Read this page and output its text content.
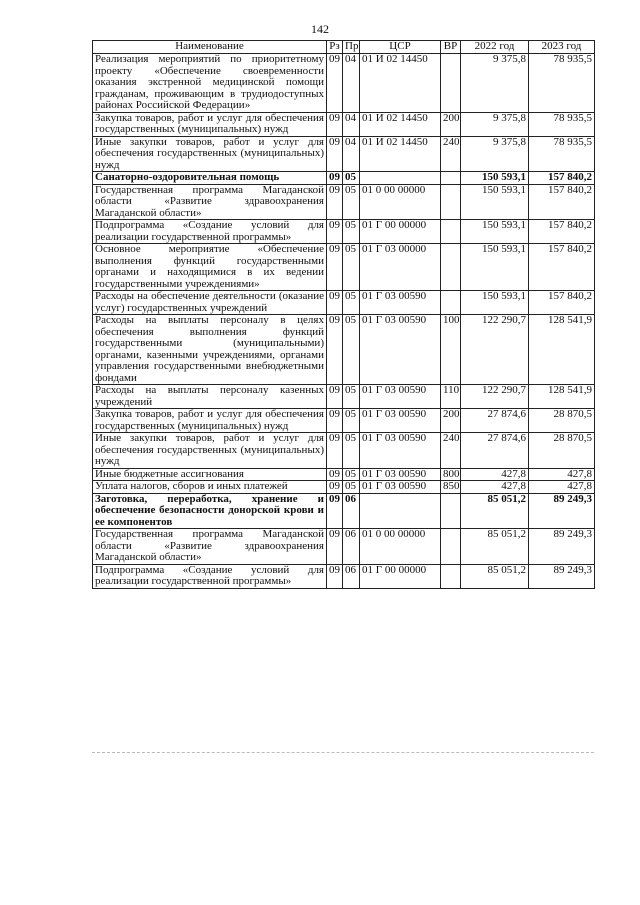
142
Наименование	Рз	Пр	ЦСР	ВР	2022 год	2023 год
Реализация мероприятий по приоритетному проекту «Обеспечение своевременности оказания экстренной медицинской помощи гражданам, проживающим в трудиодоступных районах Российской Федерации»	09	04	01 И 02 14450		9 375,8	78 935,5
Закупка товаров, работ и услуг для обеспечения государственных (муниципальных) нужд	09	04	01 И 02 14450	200	9 375,8	78 935,5
Иные закупки товаров, работ и услуг для обеспечения государственных (муниципальных) нужд	09	04	01 И 02 14450	240	9 375,8	78 935,5
Санаторно-оздоровительная помощь	09	05			150 593,1	157 840,2
Государственная программа Магаданской области «Развитие здравоохранения Магаданской области»	09	05	01 0 00 00000		150 593,1	157 840,2
Подпрограмма «Создание условий для реализации государственной программы»	09	05	01 Г 00 00000		150 593,1	157 840,2
Основное мероприятие «Обеспечение выполнения функций государственными органами и находящимися в их ведении государственными учреждениями»	09	05	01 Г 03 00000		150 593,1	157 840,2
Расходы на обеспечение деятельности (оказание услуг) государственных учреждений	09	05	01 Г 03 00590		150 593,1	157 840,2
Расходы на выплаты персоналу в целях обеспечения выполнения функций государственными (муниципальными) органами, казенными учреждениями, органами управления государственными внебюджетными фондами	09	05	01 Г 03 00590	100	122 290,7	128 541,9
Расходы на выплаты персоналу казенных учреждений	09	05	01 Г 03 00590	110	122 290,7	128 541,9
Закупка товаров, работ и услуг для обеспечения государственных (муниципальных) нужд	09	05	01 Г 03 00590	200	27 874,6	28 870,5
Иные закупки товаров, работ и услуг для обеспечения государственных (муниципальных) нужд	09	05	01 Г 03 00590	240	27 874,6	28 870,5
Иные бюджетные ассигнования	09	05	01 Г 03 00590	800	427,8	427,8
Уплата налогов, сборов и иных платежей	09	05	01 Г 03 00590	850	427,8	427,8
Заготовка, переработка, хранение и обеспечение безопасности донорской крови и ее компонентов	09	06			85 051,2	89 249,3
Государственная программа Магаданской области «Развитие здравоохранения Магаданской области»	09	06	01 0 00 00000		85 051,2	89 249,3
Подпрограмма «Создание условий для реализации государственной программы»	09	06	01 Г 00 00000		85 051,2	89 249,3
